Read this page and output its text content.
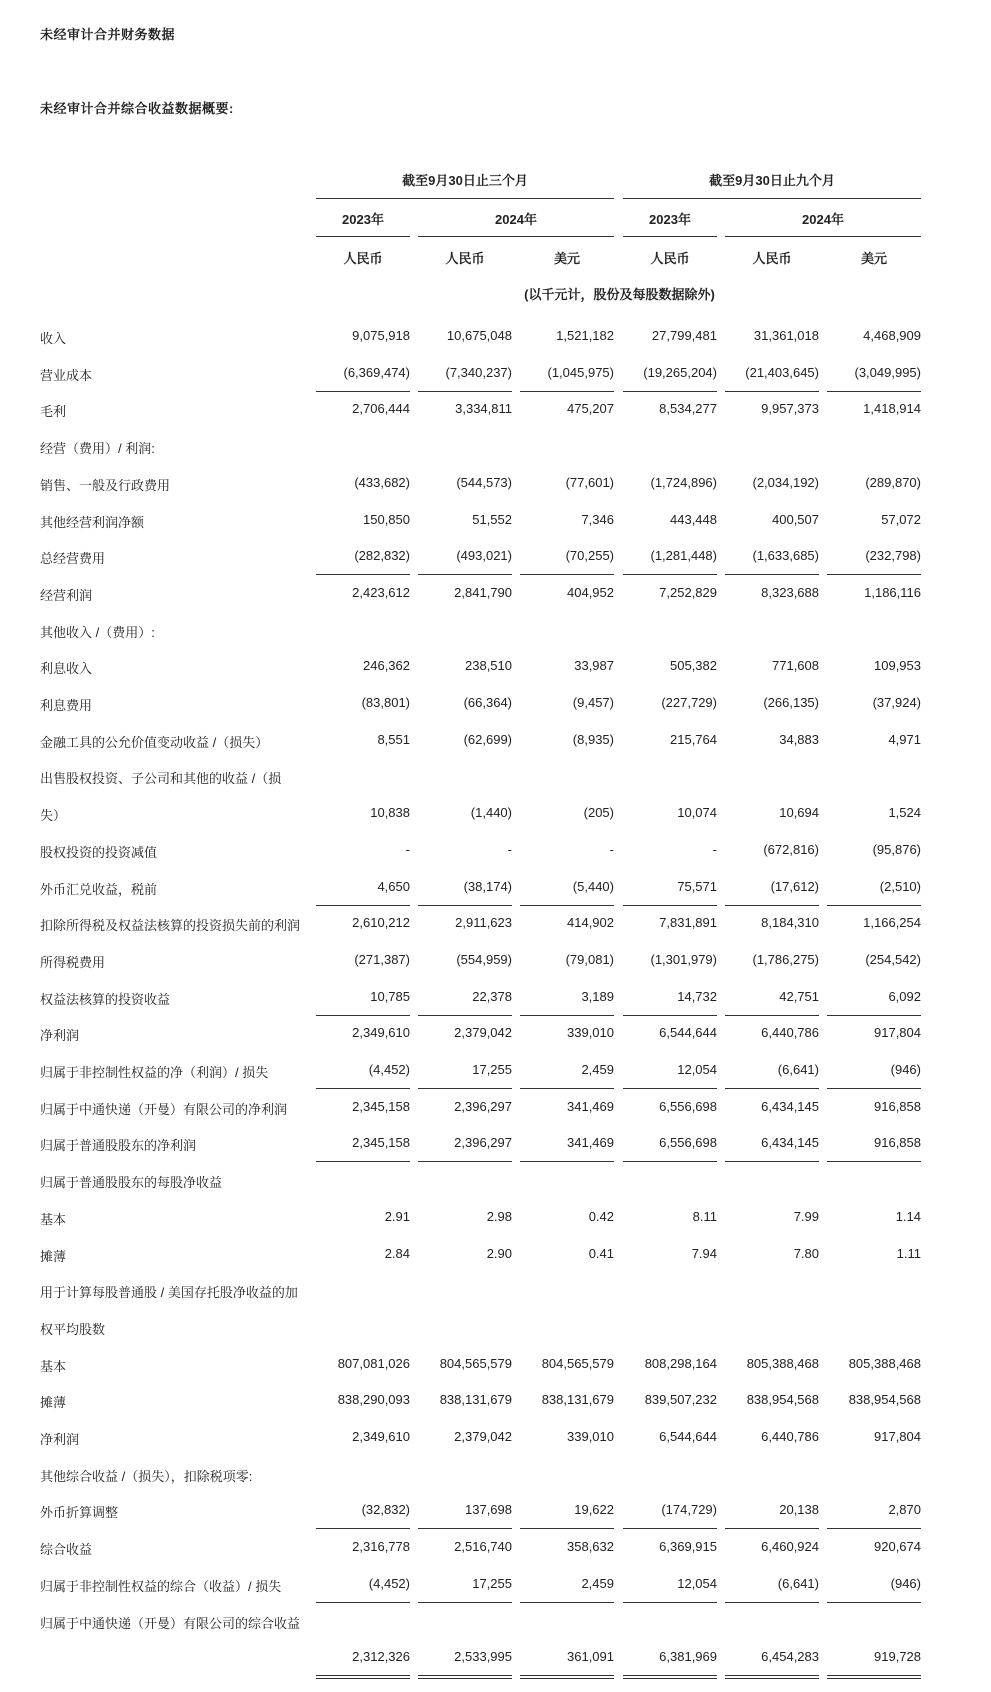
未经审计合并财务数据
未经审计合并综合收益数据概要:
截至9月30日止三个月	截至9月30日止九个月
2023年	2024年	2023年	2024年
人民币	人民币	美元	人民币	人民币	美元
(以千元计，股份及每股数据除外)
收入	9,075,918	10,675,048	1,521,182	27,799,481	31,361,018	4,468,909
营业成本	(6,369,474)	(7,340,237)	(1,045,975)	(19,265,204)	(21,403,645)	(3,049,995)
毛利	2,706,444	3,334,811	475,207	8,534,277	9,957,373	1,418,914
经营（费用）/ 利润:
销售、一般及行政费用	(433,682)	(544,573)	(77,601)	(1,724,896)	(2,034,192)	(289,870)
其他经营利润净额	150,850	51,552	7,346	443,448	400,507	57,072
总经营费用	(282,832)	(493,021)	(70,255)	(1,281,448)	(1,633,685)	(232,798)
经营利润	2,423,612	2,841,790	404,952	7,252,829	8,323,688	1,186,116
其他收入 /（费用）:
利息收入	246,362	238,510	33,987	505,382	771,608	109,953
利息费用	(83,801)	(66,364)	(9,457)	(227,729)	(266,135)	(37,924)
金融工具的公允价值变动收益 /（损失）	8,551	(62,699)	(8,935)	215,764	34,883	4,971
出售股权投资、子公司和其他的收益 /（损
失）	10,838	(1,440)	(205)	10,074	10,694	1,524
股权投资的投资减值	-	-	-	-	(672,816)	(95,876)
外币汇兑收益，税前	4,650	(38,174)	(5,440)	75,571	(17,612)	(2,510)
扣除所得税及权益法核算的投资损失前的利润	2,610,212	2,911,623	414,902	7,831,891	8,184,310	1,166,254
所得税费用	(271,387)	(554,959)	(79,081)	(1,301,979)	(1,786,275)	(254,542)
权益法核算的投资收益	10,785	22,378	3,189	14,732	42,751	6,092
净利润	2,349,610	2,379,042	339,010	6,544,644	6,440,786	917,804
归属于非控制性权益的净（利润）/ 损失	(4,452)	17,255	2,459	12,054	(6,641)	(946)
归属于中通快递（开曼）有限公司的净利润	2,345,158	2,396,297	341,469	6,556,698	6,434,145	916,858
归属于普通股股东的净利润	2,345,158	2,396,297	341,469	6,556,698	6,434,145	916,858
归属于普通股股东的每股净收益
基本	2.91	2.98	0.42	8.11	7.99	1.14
摊薄	2.84	2.90	0.41	7.94	7.80	1.11
用于计算每股普通股 / 美国存托股净收益的加
权平均股数
基本	807,081,026	804,565,579	804,565,579	808,298,164	805,388,468	805,388,468
摊薄	838,290,093	838,131,679	838,131,679	839,507,232	838,954,568	838,954,568
净利润	2,349,610	2,379,042	339,010	6,544,644	6,440,786	917,804
其他综合收益 /（损失），扣除税项零:
外币折算调整	(32,832)	137,698	19,622	(174,729)	20,138	2,870
综合收益	2,316,778	2,516,740	358,632	6,369,915	6,460,924	920,674
归属于非控制性权益的综合（收益）/ 损失	(4,452)	17,255	2,459	12,054	(6,641)	(946)
归属于中通快递（开曼）有限公司的综合收益
2,312,326	2,533,995	361,091	6,381,969	6,454,283	919,728
